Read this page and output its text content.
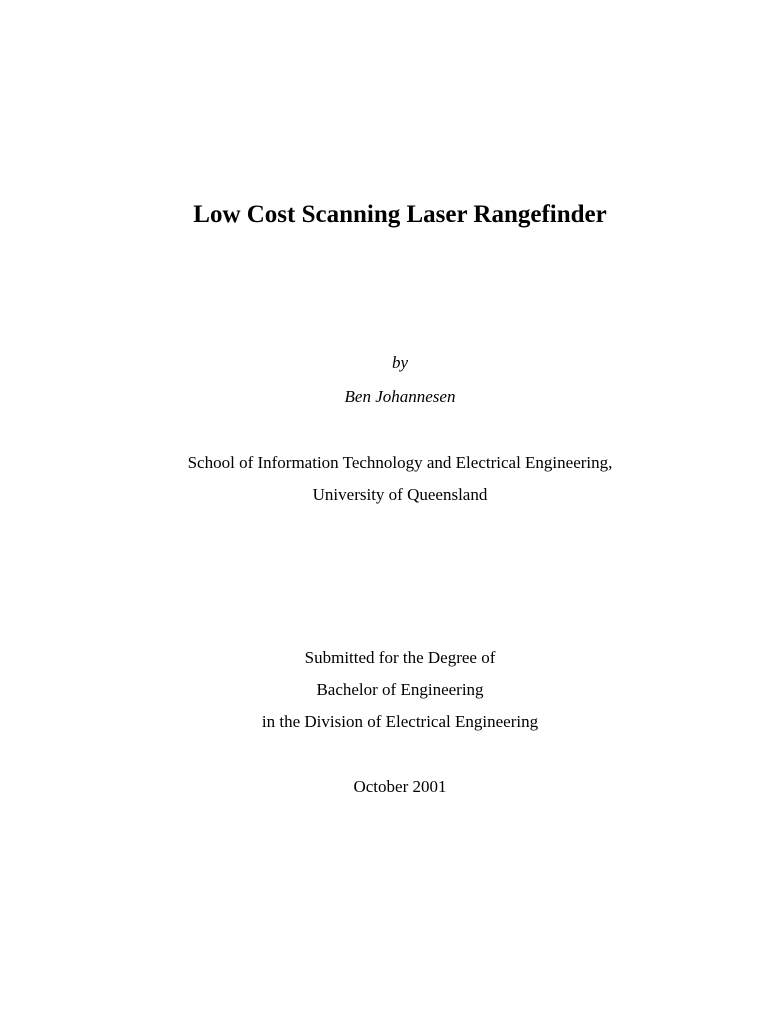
Low Cost Scanning Laser Rangefinder
by
Ben Johannesen
School of Information Technology and Electrical Engineering,
University of Queensland
Submitted for the Degree of
Bachelor of Engineering
in the Division of Electrical Engineering
October 2001
